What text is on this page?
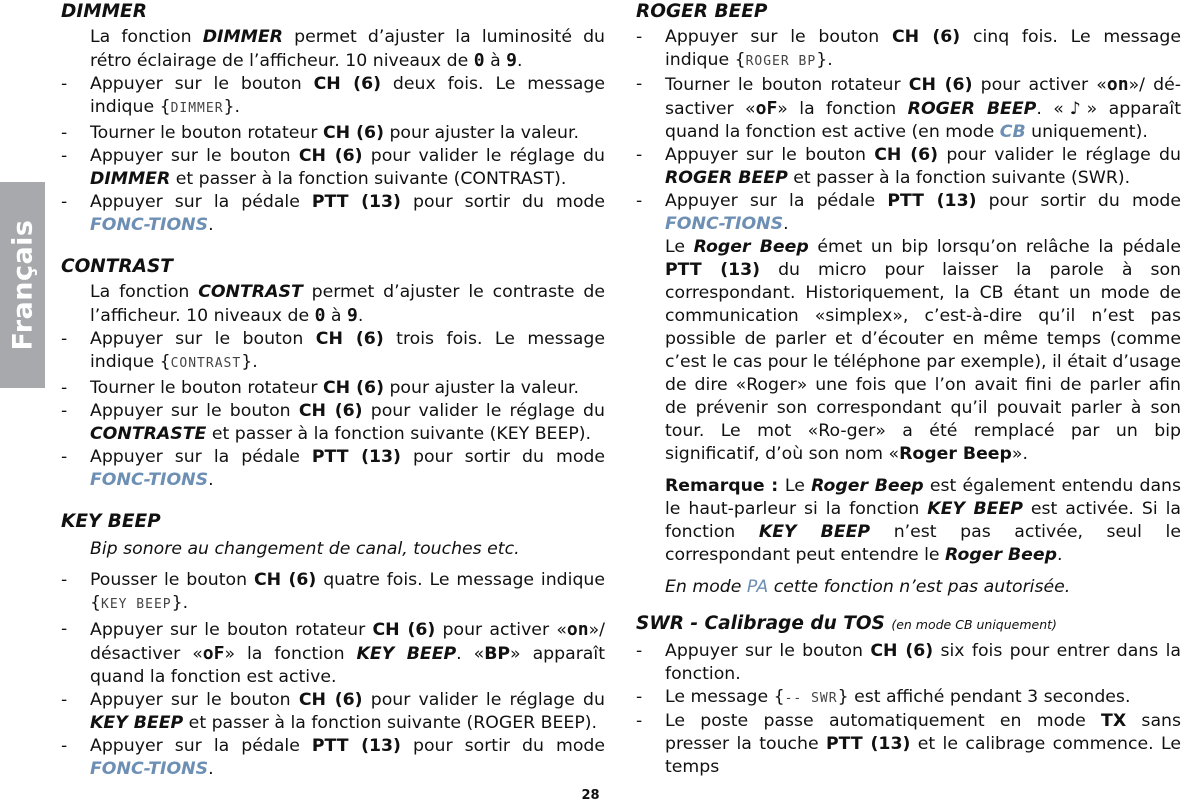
Français
DIMMER

La fonction DIMMER permet d’ajuster la luminosité du rétro éclairage de l’afficheur. 10 niveaux de 0 à 9.

- Appuyer sur le bouton CH (6) deux fois. Le message indique {DIMMER}.
- Tourner le bouton rotateur CH (6) pour ajuster la valeur.
- Appuyer sur le bouton CH (6) pour valider le réglage du DIMMER et passer à la fonction suivante (CONTRAST).
- Appuyer sur la pédale PTT (13) pour sortir du mode FONC-TIONS.
CONTRAST

La fonction CONTRAST permet d’ajuster le contraste de l’afficheur. 10 niveaux de 0 à 9.

- Appuyer sur le bouton CH (6) trois fois. Le message indique {CONTRAST}.
- Tourner le bouton rotateur CH (6) pour ajuster la valeur.
- Appuyer sur le bouton CH (6) pour valider le réglage du CONTRASTE et passer à la fonction suivante (KEY BEEP).
- Appuyer sur la pédale PTT (13) pour sortir du mode FONC-TIONS.
KEY BEEP

Bip sonore au changement de canal, touches etc.

- Pousser le bouton CH (6) quatre fois. Le message indique {KEY BEEP}.
- Appuyer sur le bouton rotateur CH (6) pour activer «on»/ désactiver «oF» la fonction KEY BEEP. «BP» apparaît quand la fonction est active.
- Appuyer sur le bouton CH (6) pour valider le réglage du KEY BEEP et passer à la fonction suivante (ROGER BEEP).
- Appuyer sur la pédale PTT (13) pour sortir du mode FONC-TIONS.
ROGER BEEP
- Appuyer sur le bouton CH (6) cinq fois. Le message indique {ROGER BP}.
- Tourner le bouton rotateur CH (6) pour activer «on»/ dé-sactiver «oF» la fonction ROGER BEEP. «♪» apparaît quand la fonction est active (en mode CB uniquement).
- Appuyer sur le bouton CH (6) pour valider le réglage du ROGER BEEP et passer à la fonction suivante (SWR).
- Appuyer sur la pédale PTT (13) pour sortir du mode FONC-TIONS.

Le Roger Beep émet un bip lorsqu’on relâche la pédale PTT (13) du micro pour laisser la parole à son correspondant. Historiquement, la CB étant un mode de communication «simplex», c’est-à-dire qu’il n’est pas possible de parler et d’écouter en même temps (comme c’est le cas pour le téléphone par exemple), il était d’usage de dire «Roger» une fois que l’on avait fini de parler afin de prévenir son correspondant qu’il pouvait parler à son tour. Le mot «Ro-ger» a été remplacé par un bip significatif, d’où son nom «Roger Beep».

Remarque : Le Roger Beep est également entendu dans le haut-parleur si la fonction KEY BEEP est activée. Si la fonction KEY BEEP n’est pas activée, seul le correspondant peut entendre le Roger Beep.

En mode PA cette fonction n’est pas autorisée.

SWR - Calibrage du TOS (en mode CB uniquement)
- Appuyer sur le bouton CH (6) six fois pour entrer dans la fonction.
- Le message {-- SWR} est affiché pendant 3 secondes.
- Le poste passe automatiquement en mode TX sans presser la touche PTT (13) et le calibrage commence. Le temps
28
